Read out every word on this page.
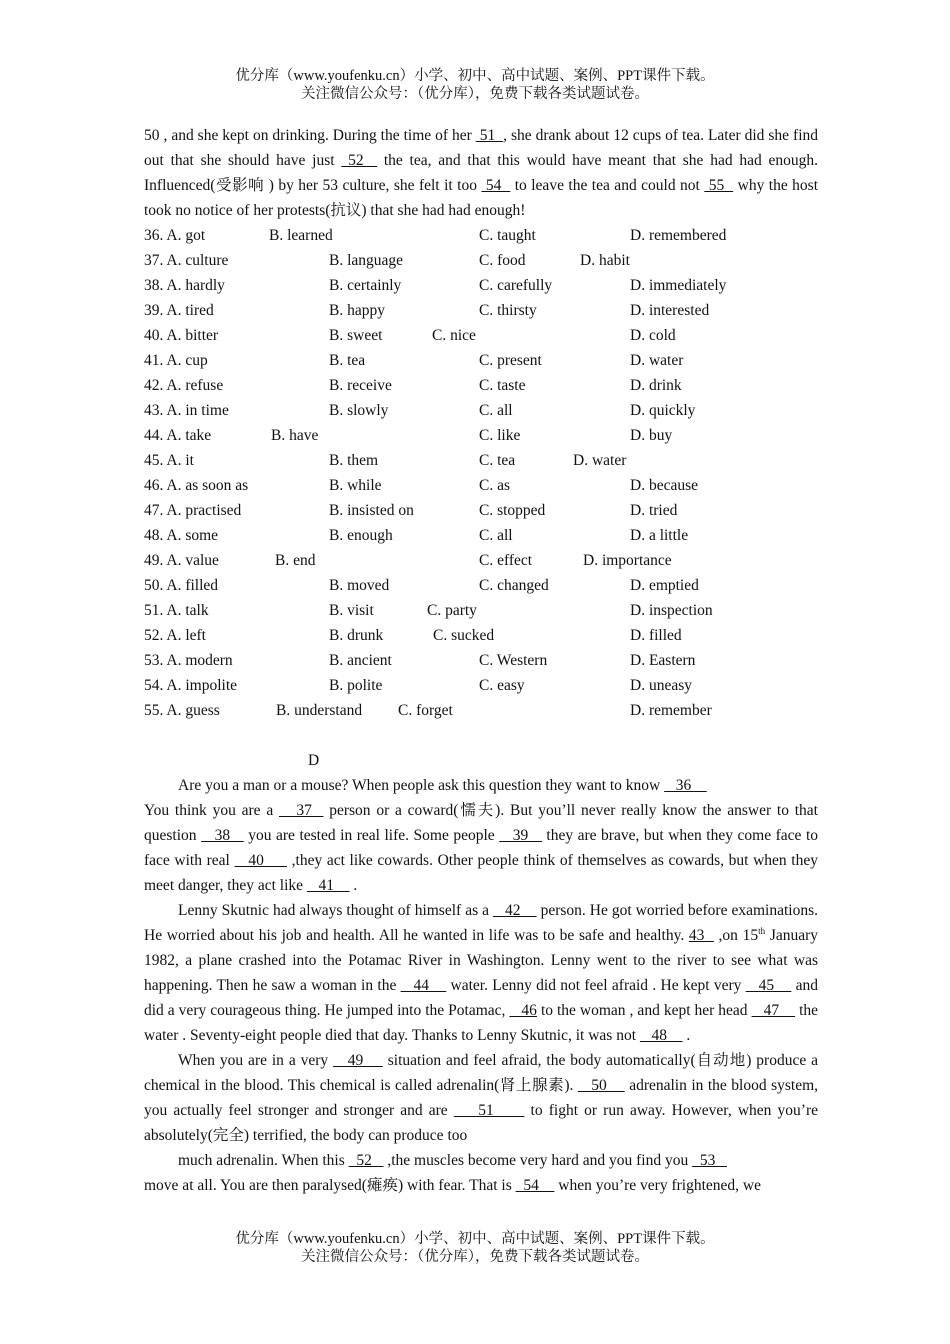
优分库（www.youfenku.cn）小学、初中、高中试题、案例、PPT课件下载。
关注微信公众号：（优分库），免费下载各类试题试卷。

50 , and she kept on drinking. During the time of her  51  , she drank about 12 cups of tea. Later did she find out that she should have just  52   the tea, and that this would have meant that she had had enough. Influenced(受影响 ) by her 53 culture, she felt it too  54   to leave the tea and could not  55   why the host took no notice of her protests(抗议) that she had had enough!

36. A. got	B. learned	C. taught	D. remembered
37. A. culture	B. language	C. food	D. habit
38. A. hardly	B. certainly	C. carefully	D. immediately
39. A. tired	B. happy	C. thirsty	D. interested
40. A. bitter	B. sweet	C. nice	D. cold
41. A. cup	B. tea	C. present	D. water
42. A. refuse	B. receive	C. taste	D. drink
43. A. in time	B. slowly	C. all	D. quickly
44. A. take	B. have	C. like	D. buy
45. A. it	B. them	C. tea	D. water
46. A. as soon as	B. while	C. as	D. because
47. A. practised	B. insisted on	C. stopped	D. tried
48. A. some	B. enough	C. all	D. a little
49. A. value	B. end	C. effect	D. importance
50. A. filled	B. moved	C. changed	D. emptied
51. A. talk	B. visit	C. party	D. inspection
52. A. left	B. drunk	C. sucked	D. filled
53. A. modern	B. ancient	C. Western	D. Eastern
54. A. impolite	B. polite	C. easy	D. uneasy
55. A. guess	B. understand C. forget	D. remember
D

Are you a man or a mouse? When people ask this question they want to know    36
You think you are a    37   person or a coward(懦夫). But you’ll never really know the answer to that question    38    you are tested in real life. Some people    39    they are brave, but when they come face to face with real    40      ,they act like cowards. Other people think of themselves as cowards, but when they meet danger, they act like    41     .

Lenny Skutnic had always thought of himself as a    42     person. He got worried before examinations. He worried about his job and health. All he wanted in life was to be safe and healthy. 43   ,on 15th January 1982, a plane crashed into the Potamac River in Washington. Lenny went to the river to see what was happening. Then he saw a woman in the    44     water. Lenny did not feel afraid . He kept very    45     and did a very courageous thing. He jumped into the Potamac,    46 to the woman , and kept her head    47     the water . Seventy-eight people died that day. Thanks to Lenny Skutnic, it was not    48     .

When you are in a very    49     situation and feel afraid, the body automatically(自动地) produce a chemical in the blood. This chemical is called adrenalin(肾上腺素).    50     adrenalin in the blood system, you actually feel stronger and stronger and are     51      to fight or run away. However, when you’re absolutely(完全) terrified, the body can produce too

much adrenalin. When this   52    ,the muscles become very hard and you find you   53
move at all. You are then paralysed(瘫痪) with fear. That is   54     when you’re very frightened, we

优分库（www.youfenku.cn）小学、初中、高中试题、案例、PPT课件下载。
关注微信公众号：（优分库），免费下载各类试题试卷。
